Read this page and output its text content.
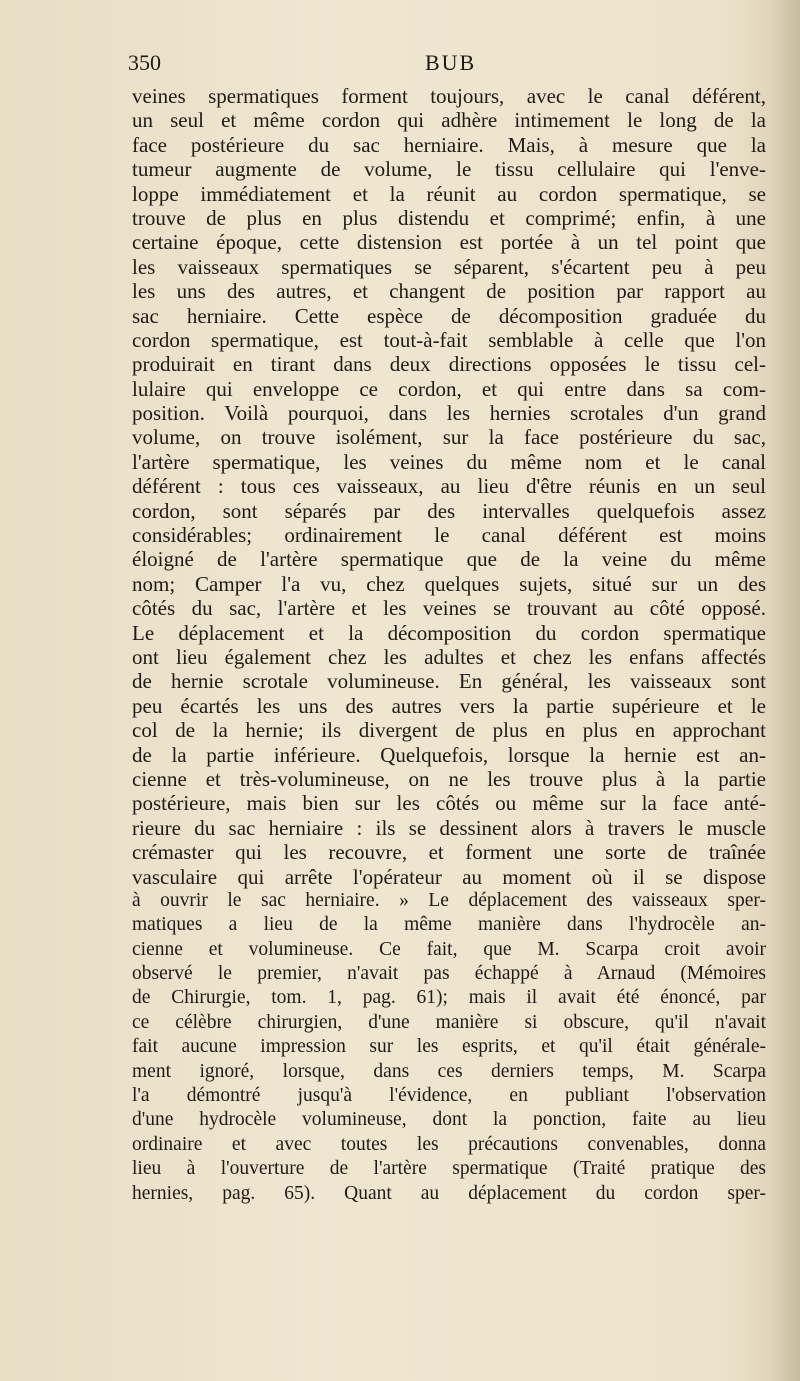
350	BUB
veines spermatiques forment toujours, avec le canal déférent,
un seul et même cordon qui adhère intimement le long de la
face postérieure du sac herniaire. Mais, à mesure que la
tumeur augmente de volume, le tissu cellulaire qui l'enve-
loppe immédiatement et la réunit au cordon spermatique, se
trouve de plus en plus distendu et comprimé; enfin, à une
certaine époque, cette distension est portée à un tel point que
les vaisseaux spermatiques se séparent, s'écartent peu à peu
les uns des autres, et changent de position par rapport au
sac herniaire. Cette espèce de décomposition graduée du
cordon spermatique, est tout-à-fait semblable à celle que l'on
produirait en tirant dans deux directions opposées le tissu cel-
lulaire qui enveloppe ce cordon, et qui entre dans sa com-
position. Voilà pourquoi, dans les hernies scrotales d'un grand
volume, on trouve isolément, sur la face postérieure du sac,
l'artère spermatique, les veines du même nom et le canal
déférent : tous ces vaisseaux, au lieu d'être réunis en un seul
cordon, sont séparés par des intervalles quelquefois assez
considérables; ordinairement le canal déférent est moins
éloigné de l'artère spermatique que de la veine du même
nom; Camper l'a vu, chez quelques sujets, situé sur un des
côtés du sac, l'artère et les veines se trouvant au côté opposé.
Le déplacement et la décomposition du cordon spermatique
ont lieu également chez les adultes et chez les enfans affectés
de hernie scrotale volumineuse. En général, les vaisseaux sont
peu écartés les uns des autres vers la partie supérieure et le
col de la hernie; ils divergent de plus en plus en approchant
de la partie inférieure. Quelquefois, lorsque la hernie est an-
cienne et très-volumineuse, on ne les trouve plus à la partie
postérieure, mais bien sur les côtés ou même sur la face anté-
rieure du sac herniaire : ils se dessinent alors à travers le muscle
crémaster qui les recouvre, et forment une sorte de traînée
vasculaire qui arrête l'opérateur au moment où il se dispose
à ouvrir le sac herniaire. » Le déplacement des vaisseaux sper-
matiques a lieu de la même manière dans l'hydrocèle an-
cienne et volumineuse. Ce fait, que M. Scarpa croit avoir
observé le premier, n'avait pas échappé à Arnaud (Mémoires
de Chirurgie, tom. 1, pag. 61); mais il avait été énoncé, par
ce célèbre chirurgien, d'une manière si obscure, qu'il n'avait
fait aucune impression sur les esprits, et qu'il était générale-
ment ignoré, lorsque, dans ces derniers temps, M. Scarpa
l'a démontré jusqu'à l'évidence, en publiant l'observation
d'une hydrocèle volumineuse, dont la ponction, faite au lieu
ordinaire et avec toutes les précautions convenables, donna
lieu à l'ouverture de l'artère spermatique (Traité pratique des
hernies, pag. 65). Quant au déplacement du cordon sper-
